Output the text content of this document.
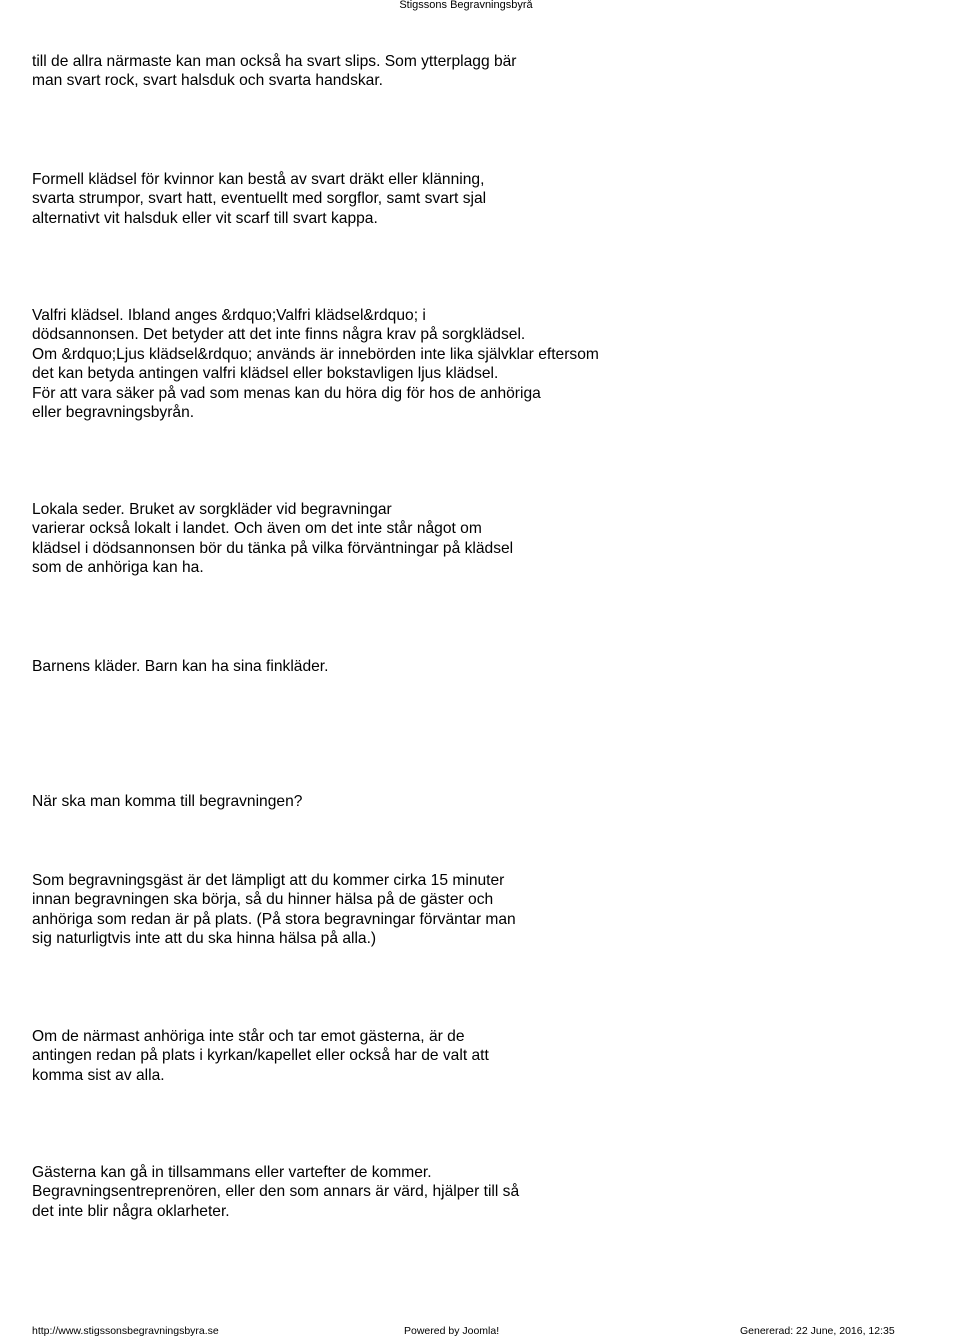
Stigssons Begravningsbyrå

till de allra närmaste kan man också ha svart slips. Som ytterplagg bär
man svart rock, svart halsduk och svarta handskar.

Formell klädsel för kvinnor kan bestå av svart dräkt eller klänning,
svarta strumpor, svart hatt, eventuellt med sorgflor, samt svart sjal
alternativt vit halsduk eller vit scarf till svart kappa.

Valfri klädsel. Ibland anges &rdquo;Valfri klädsel&rdquo; i
dödsannonsen. Det betyder att det inte finns några krav på sorgklädsel.
Om &rdquo;Ljus klädsel&rdquo; används är innebörden inte lika självklar eftersom
det kan betyda antingen valfri klädsel eller bokstavligen ljus klädsel.
För att vara säker på vad som menas kan du höra dig för hos de anhöriga
eller begravningsbyrån.

Lokala seder. Bruket av sorgkläder vid begravningar
varierar också lokalt i landet. Och även om det inte står något om
klädsel i dödsannonsen bör du tänka på vilka förväntningar på klädsel
som de anhöriga kan ha.

Barnens kläder. Barn kan ha sina finkläder.

När ska man komma till begravningen?

Som begravningsgäst är det lämpligt att du kommer cirka 15 minuter
innan begravningen ska börja, så du hinner hälsa på de gäster och
anhöriga som redan är på plats. (På stora begravningar förväntar man
sig naturligtvis inte att du ska hinna hälsa på alla.)

Om de närmast anhöriga inte står och tar emot gästerna, är de
antingen redan på plats i kyrkan/kapellet eller också har de valt att
komma sist av alla.

Gästerna kan gå in tillsammans eller vartefter de kommer.
Begravningsentreprenören, eller den som annars är värd, hjälper till så
det inte blir några oklarheter.

http://www.stigssonsbegravningsbyra.se	Powered by Joomla!	Genererad: 22 June, 2016, 12:35
